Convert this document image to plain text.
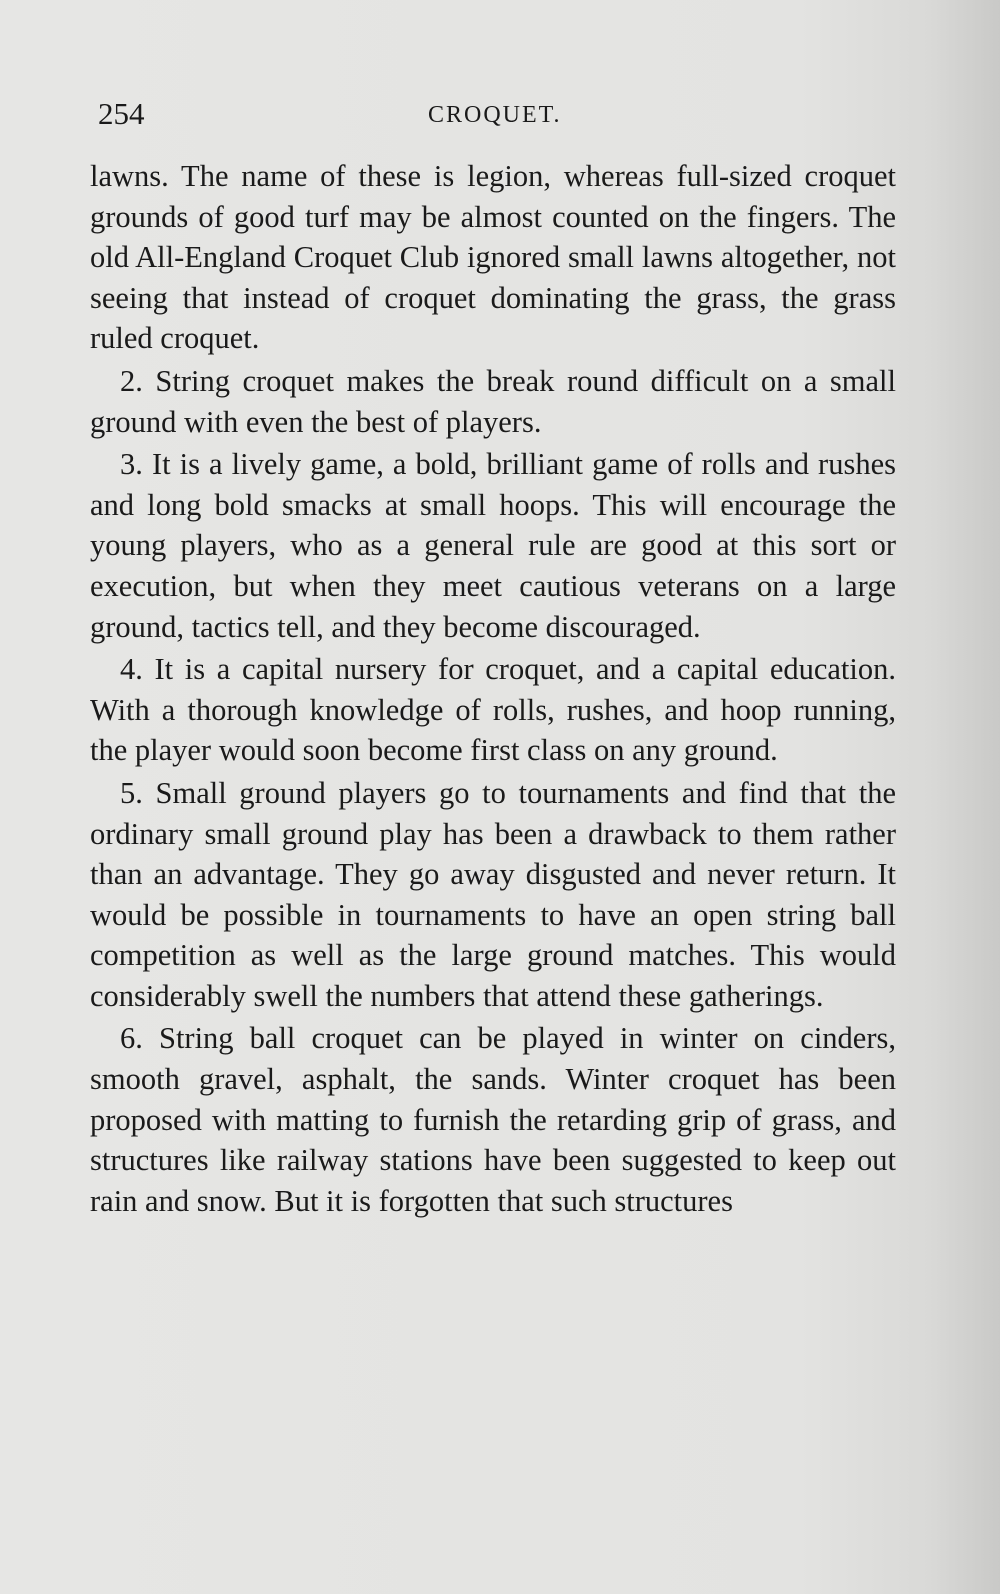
254	CROQUET.

lawns. The name of these is legion, whereas full-sized croquet grounds of good turf may be almost counted on the fingers. The old All-England Croquet Club ignored small lawns altogether, not seeing that instead of croquet dominating the grass, the grass ruled croquet.

2. String croquet makes the break round difficult on a small ground with even the best of players.

3. It is a lively game, a bold, brilliant game of rolls and rushes and long bold smacks at small hoops. This will encourage the young players, who as a general rule are good at this sort or execution, but when they meet cautious veterans on a large ground, tactics tell, and they become discouraged.

4. It is a capital nursery for croquet, and a capital education. With a thorough knowledge of rolls, rushes, and hoop running, the player would soon become first class on any ground.

5. Small ground players go to tournaments and find that the ordinary small ground play has been a drawback to them rather than an advantage. They go away disgusted and never return. It would be possible in tournaments to have an open string ball competition as well as the large ground matches. This would considerably swell the numbers that attend these gatherings.

6. String ball croquet can be played in winter on cinders, smooth gravel, asphalt, the sands. Winter croquet has been proposed with matting to furnish the retarding grip of grass, and structures like railway stations have been suggested to keep out rain and snow. But it is forgotten that such structures
